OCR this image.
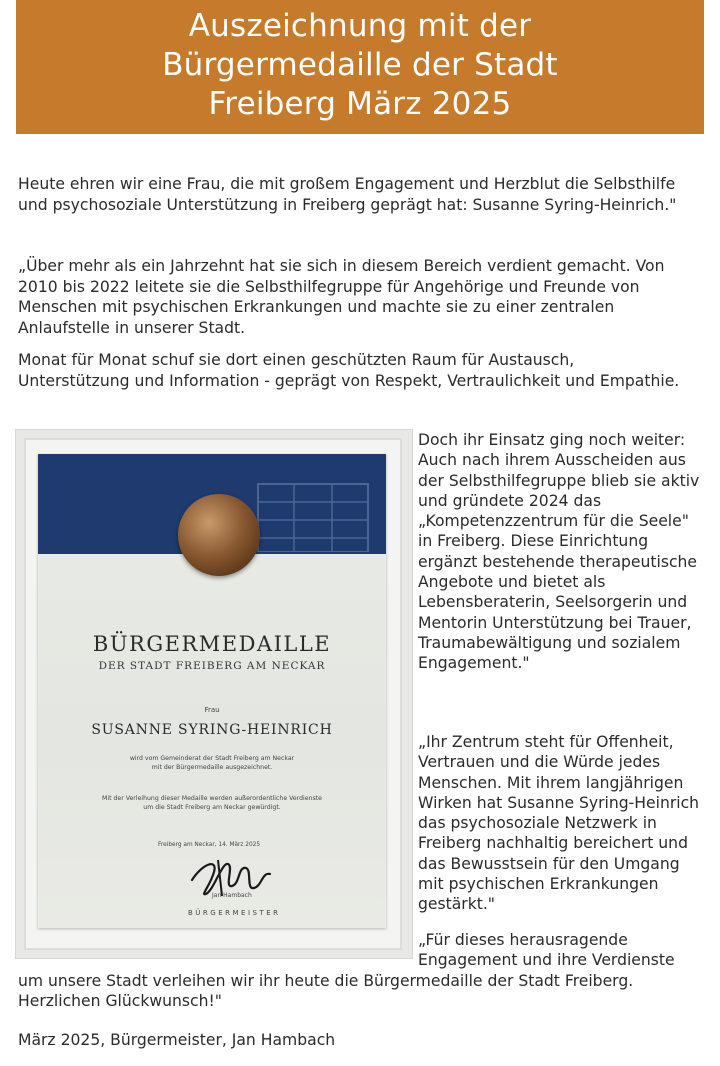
Auszeichnung mit der
Bürgermedaille der Stadt
Freiberg März 2025

Heute ehren wir eine Frau, die mit großem Engagement und Herzblut die Selbsthilfe und psychosoziale Unterstützung in Freiberg geprägt hat: Susanne Syring-Heinrich."

„Über mehr als ein Jahrzehnt hat sie sich in diesem Bereich verdient gemacht. Von 2010 bis 2022 leitete sie die Selbsthilfegruppe für Angehörige und Freunde von Menschen mit psychischen Erkrankungen und machte sie zu einer zentralen Anlaufstelle in unserer Stadt.

Monat für Monat schuf sie dort einen geschützten Raum für Austausch, Unterstützung und Information - geprägt von Respekt, Vertraulichkeit und Empathie.

BÜRGERMEDAILLE
DER STADT FREIBERG AM NECKAR
Frau
SUSANNE SYRING-HEINRICH
wird vom Gemeinderat der Stadt Freiberg am Neckar
mit der Bürgermedaille ausgezeichnet.
Mit der Verleihung dieser Medaille werden außerordentliche Verdienste
um die Stadt Freiberg am Neckar gewürdigt.
Freiberg am Neckar, 14. März 2025
Jan Hambach
BÜRGERMEISTER

Doch ihr Einsatz ging noch weiter: Auch nach ihrem Ausscheiden aus der Selbsthilfegruppe blieb sie aktiv und gründete 2024 das „Kompetenzzentrum für die Seele" in Freiberg. Diese Einrichtung ergänzt bestehende therapeutische Angebote und bietet als Lebensberaterin, Seelsorgerin und Mentorin Unterstützung bei Trauer, Traumabewältigung und sozialem Engagement."

„Ihr Zentrum steht für Offenheit, Vertrauen und die Würde jedes Menschen. Mit ihrem langjährigen Wirken hat Susanne Syring-Heinrich das psychosoziale Netzwerk in Freiberg nachhaltig bereichert und das Bewusstsein für den Umgang mit psychischen Erkrankungen gestärkt."

„Für dieses herausragende
Engagement und ihre Verdienste
um unsere Stadt verleihen wir ihr heute die Bürgermedaille der Stadt Freiberg. Herzlichen Glückwunsch!"

März 2025, Bürgermeister, Jan Hambach
